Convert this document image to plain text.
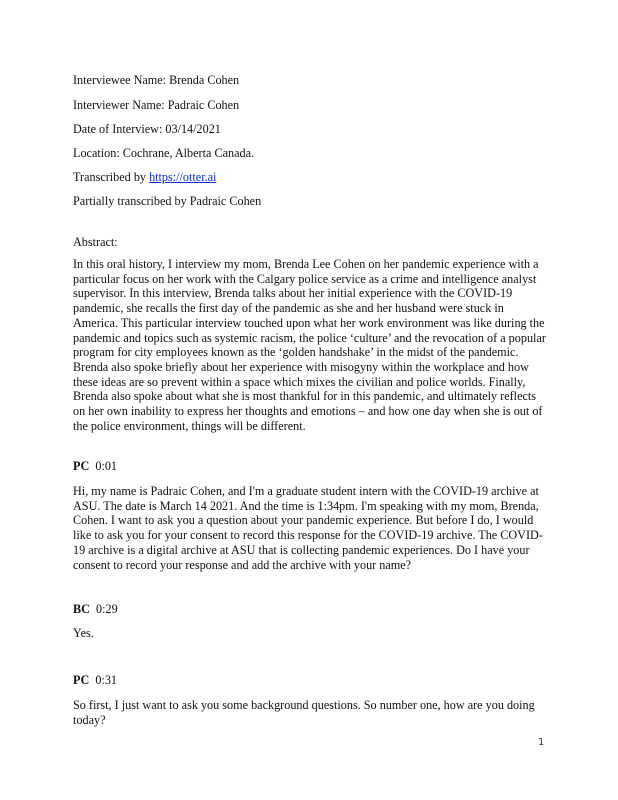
Interviewee Name: Brenda Cohen
Interviewer Name: Padraic Cohen
Date of Interview: 03/14/2021
Location: Cochrane, Alberta Canada.
Transcribed by https://otter.ai
Partially transcribed by Padraic Cohen
Abstract:
In this oral history, I interview my mom, Brenda Lee Cohen on her pandemic experience with a
particular focus on her work with the Calgary police service as a crime and intelligence analyst
supervisor. In this interview, Brenda talks about her initial experience with the COVID-19
pandemic, she recalls the first day of the pandemic as she and her husband were stuck in
America. This particular interview touched upon what her work environment was like during the
pandemic and topics such as systemic racism, the police ‘culture’ and the revocation of a popular
program for city employees known as the ‘golden handshake’ in the midst of the pandemic.
Brenda also spoke briefly about her experience with misogyny within the workplace and how
these ideas are so prevent within a space which mixes the civilian and police worlds. Finally,
Brenda also spoke about what she is most thankful for in this pandemic, and ultimately reflects
on her own inability to express her thoughts and emotions – and how one day when she is out of
the police environment, things will be different.
PC 0:01
Hi, my name is Padraic Cohen, and I'm a graduate student intern with the COVID-19 archive at
ASU. The date is March 14 2021. And the time is 1:34pm. I'm speaking with my mom, Brenda,
Cohen. I want to ask you a question about your pandemic experience. But before I do, I would
like to ask you for your consent to record this response for the COVID-19 archive. The COVID-
19 archive is a digital archive at ASU that is collecting pandemic experiences. Do I have your
consent to record your response and add the archive with your name?
BC 0:29
Yes.
PC 0:31
So first, I just want to ask you some background questions. So number one, how are you doing
today?
1
